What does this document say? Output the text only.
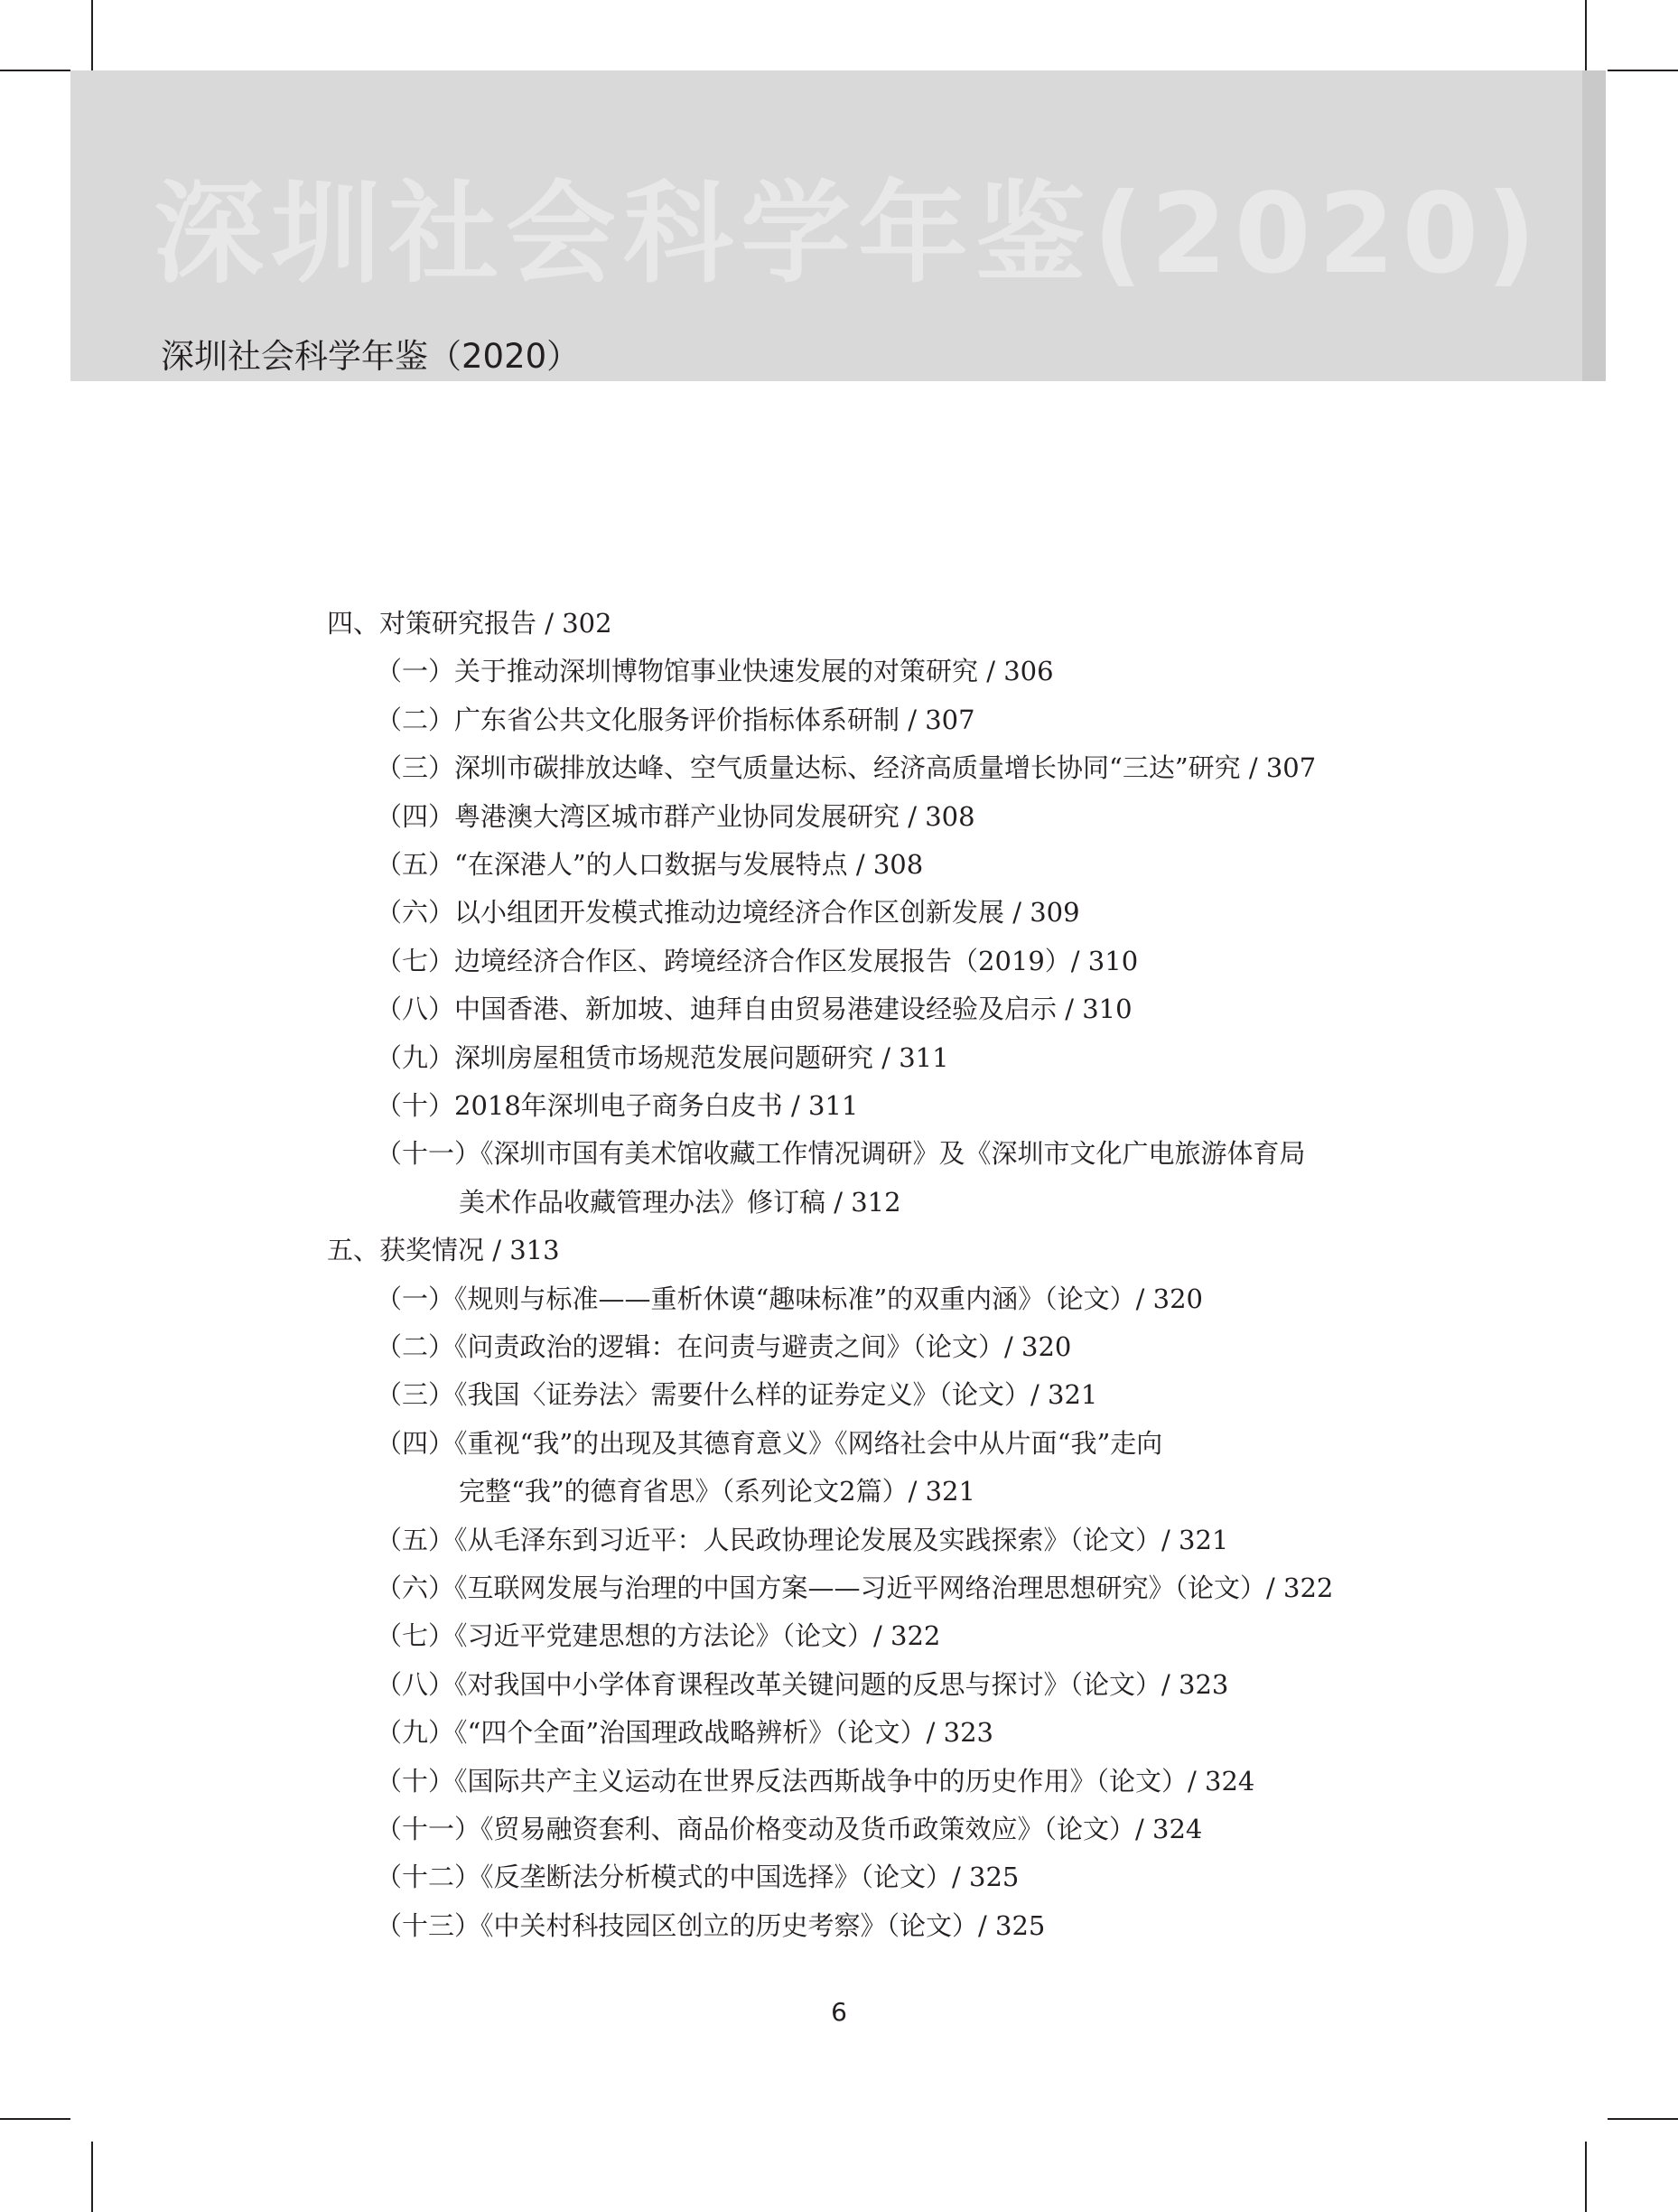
深圳社会科学年鉴(2020)
深圳社会科学年鉴（2020）
四、对策研究报告 / 302
（一）关于推动深圳博物馆事业快速发展的对策研究 / 306
（二）广东省公共文化服务评价指标体系研制 / 307
（三）深圳市碳排放达峰、空气质量达标、经济高质量增长协同“三达”研究 / 307
（四）粤港澳大湾区城市群产业协同发展研究 / 308
（五）“在深港人”的人口数据与发展特点 / 308
（六）以小组团开发模式推动边境经济合作区创新发展 / 309
（七）边境经济合作区、跨境经济合作区发展报告（2019）/ 310
（八）中国香港、新加坡、迪拜自由贸易港建设经验及启示 / 310
（九）深圳房屋租赁市场规范发展问题研究 / 311
（十）2018年深圳电子商务白皮书 / 311
（十一）《深圳市国有美术馆收藏工作情况调研》及《深圳市文化广电旅游体育局
美术作品收藏管理办法》修订稿 / 312
五、获奖情况 / 313
（一）《规则与标准——重析休谟“趣味标准”的双重内涵》（论文）/ 320
（二）《问责政治的逻辑：在问责与避责之间》（论文）/ 320
（三）《我国〈证券法〉需要什么样的证券定义》（论文）/ 321
（四）《重视“我”的出现及其德育意义》《网络社会中从片面“我”走向
完整“我”的德育省思》（系列论文2篇）/ 321
（五）《从毛泽东到习近平：人民政协理论发展及实践探索》（论文）/ 321
（六）《互联网发展与治理的中国方案——习近平网络治理思想研究》（论文）/ 322
（七）《习近平党建思想的方法论》（论文）/ 322
（八）《对我国中小学体育课程改革关键问题的反思与探讨》（论文）/ 323
（九）《“四个全面”治国理政战略辨析》（论文）/ 323
（十）《国际共产主义运动在世界反法西斯战争中的历史作用》（论文）/ 324
（十一）《贸易融资套利、商品价格变动及货币政策效应》（论文）/ 324
（十二）《反垄断法分析模式的中国选择》（论文）/ 325
（十三）《中关村科技园区创立的历史考察》（论文）/ 325
6
